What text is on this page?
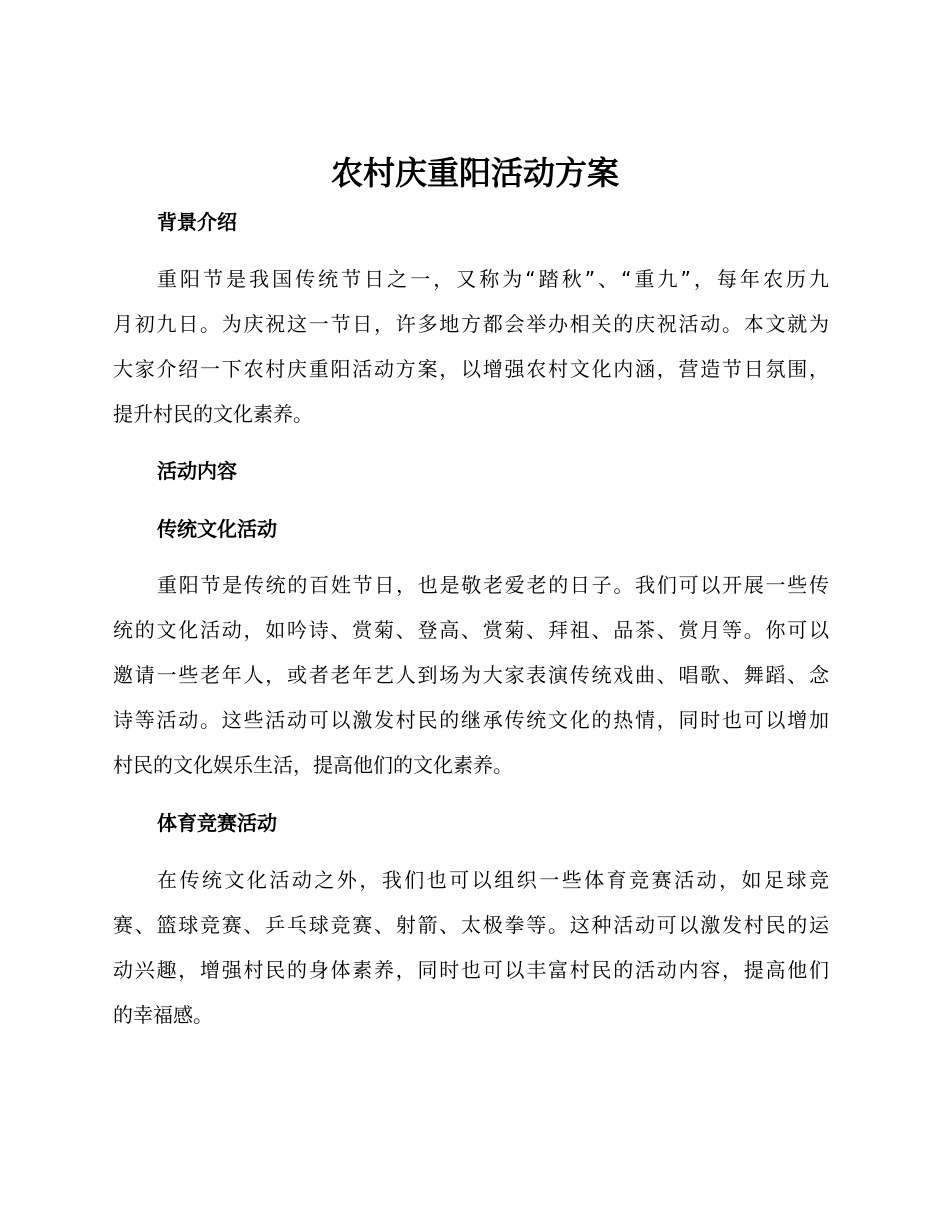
农村庆重阳活动方案
背景介绍
重阳节是我国传统节日之一，又称为“踏秋”、“重九”，每年农历九
月初九日。为庆祝这一节日，许多地方都会举办相关的庆祝活动。本文就为
大家介绍一下农村庆重阳活动方案，以增强农村文化内涵，营造节日氛围，
提升村民的文化素养。
活动内容
传统文化活动
重阳节是传统的百姓节日，也是敬老爱老的日子。我们可以开展一些传
统的文化活动，如吟诗、赏菊、登高、赏菊、拜祖、品茶、赏月等。你可以
邀请一些老年人，或者老年艺人到场为大家表演传统戏曲、唱歌、舞蹈、念
诗等活动。这些活动可以激发村民的继承传统文化的热情，同时也可以增加
村民的文化娱乐生活，提高他们的文化素养。
体育竞赛活动
在传统文化活动之外，我们也可以组织一些体育竞赛活动，如足球竞
赛、篮球竞赛、乒乓球竞赛、射箭、太极拳等。这种活动可以激发村民的运
动兴趣，增强村民的身体素养，同时也可以丰富村民的活动内容，提高他们
的幸福感。
